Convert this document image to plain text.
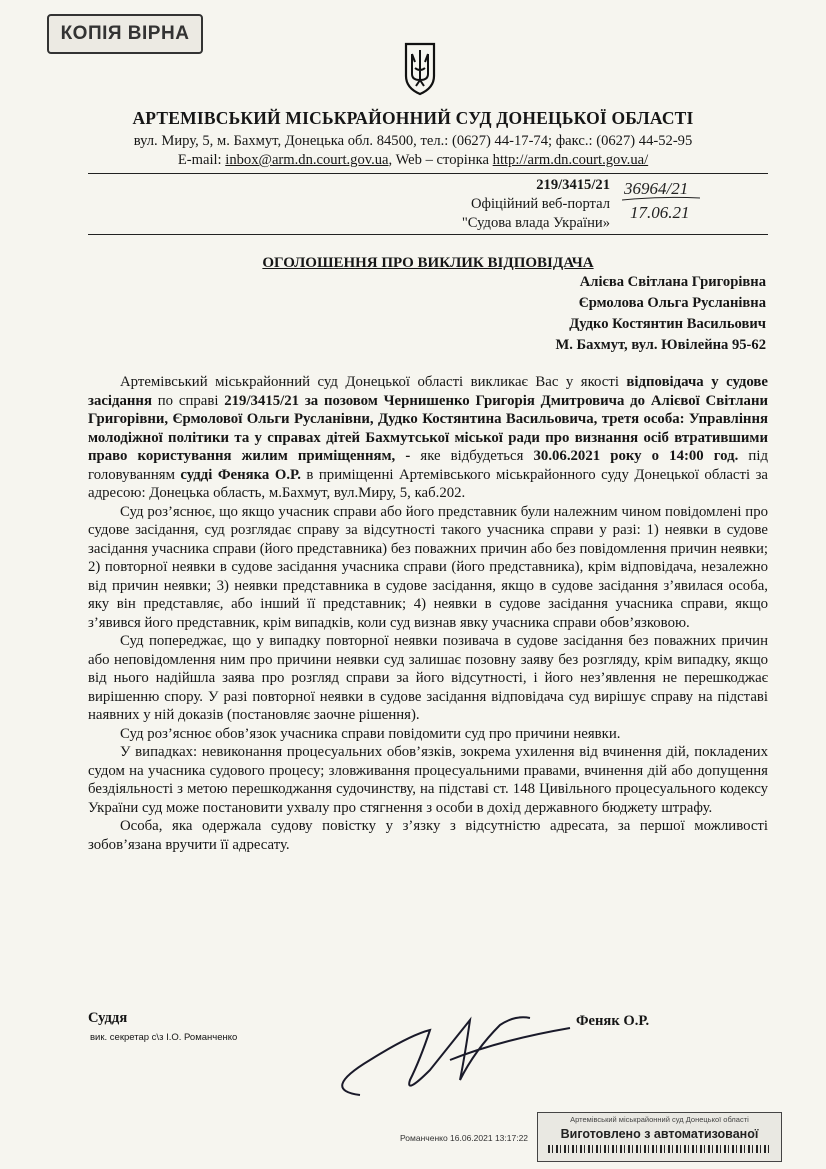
КОПІЯ ВІРНА
АРТЕМІВСЬКИЙ МІСЬКРАЙОННИЙ СУД ДОНЕЦЬКОЇ ОБЛАСТІ
вул. Миру, 5, м. Бахмут, Донецька обл. 84500, тел.: (0627) 44-17-74; факс.: (0627) 44-52-95
E-mail: inbox@arm.dn.court.gov.ua, Web – сторінка http://arm.dn.court.gov.ua/
219/3415/21
Офіційний веб-портал
"Судова влада України»
36964/21
17.06.21
ОГОЛОШЕННЯ ПРО ВИКЛИК ВІДПОВІДАЧА
Алієва Світлана Григорівна
Єрмолова Ольга Русланівна
Дудко Костянтин Васильович
М. Бахмут, вул. Ювілейна 95-62

Артемівський міськрайонний суд Донецької області викликає Вас у якості відповідача у судове засідання по справі 219/3415/21 за позовом Чернишенко Григорія Дмитровича до Алієвої Світлани Григорівни, Єрмолової Ольги Русланівни, Дудко Костянтина Васильовича, третя особа: Управління молодіжної політики та у справах дітей Бахмутської міської ради про визнання осіб втратившими право користування жилим приміщенням, - яке відбудеться 30.06.2021 року о 14:00 год. під головуванням судді Феняка О.Р. в приміщенні Артемівського міськрайонного суду Донецької області за адресою: Донецька область, м.Бахмут, вул.Миру, 5, каб.202.

Суд роз’яснює, що якщо учасник справи або його представник були належним чином повідомлені про судове засідання, суд розглядає справу за відсутності такого учасника справи у разі: 1) неявки в судове засідання учасника справи (його представника) без поважних причин або без повідомлення причин неявки; 2) повторної неявки в судове засідання учасника справи (його представника), крім відповідача, незалежно від причин неявки; 3) неявки представника в судове засідання, якщо в судове засідання з’явилася особа, яку він представляє, або інший її представник; 4) неявки в судове засідання учасника справи, якщо з’явився його представник, крім випадків, коли суд визнав явку учасника справи обов’язковою.

Суд попереджає, що у випадку повторної неявки позивача в судове засідання без поважних причин або неповідомлення ним про причини неявки суд залишає позовну заяву без розгляду, крім випадку, якщо від нього надійшла заява про розгляд справи за його відсутності, і його нез’явлення не перешкоджає вирішенню спору. У разі повторної неявки в судове засідання відповідача суд вирішує справу на підставі наявних у ній доказів (постановляє заочне рішення).

Суд роз’яснює обов’язок учасника справи повідомити суд про причини неявки.

У випадках: невиконання процесуальних обов’язків, зокрема ухилення від вчинення дій, покладених судом на учасника судового процесу; зловживання процесуальними правами, вчинення дій або допущення бездіяльності з метою перешкоджання судочинству, на підставі ст. 148 Цивільного процесуального кодексу України суд може постановити ухвалу про стягнення з особи в дохід державного бюджету штрафу.

Особа, яка одержала судову повістку у з’язку з відсутністю адресата, за першої можливості зобов’язана вручити її адресату.

Суддя	Феняк О.Р.
вик. секретар с\з І.О. Романченко
Романченко 16.06.2021 13:17:22
Артемівський міськрайонний суд Донецької області
Виготовлено з автоматизованої
